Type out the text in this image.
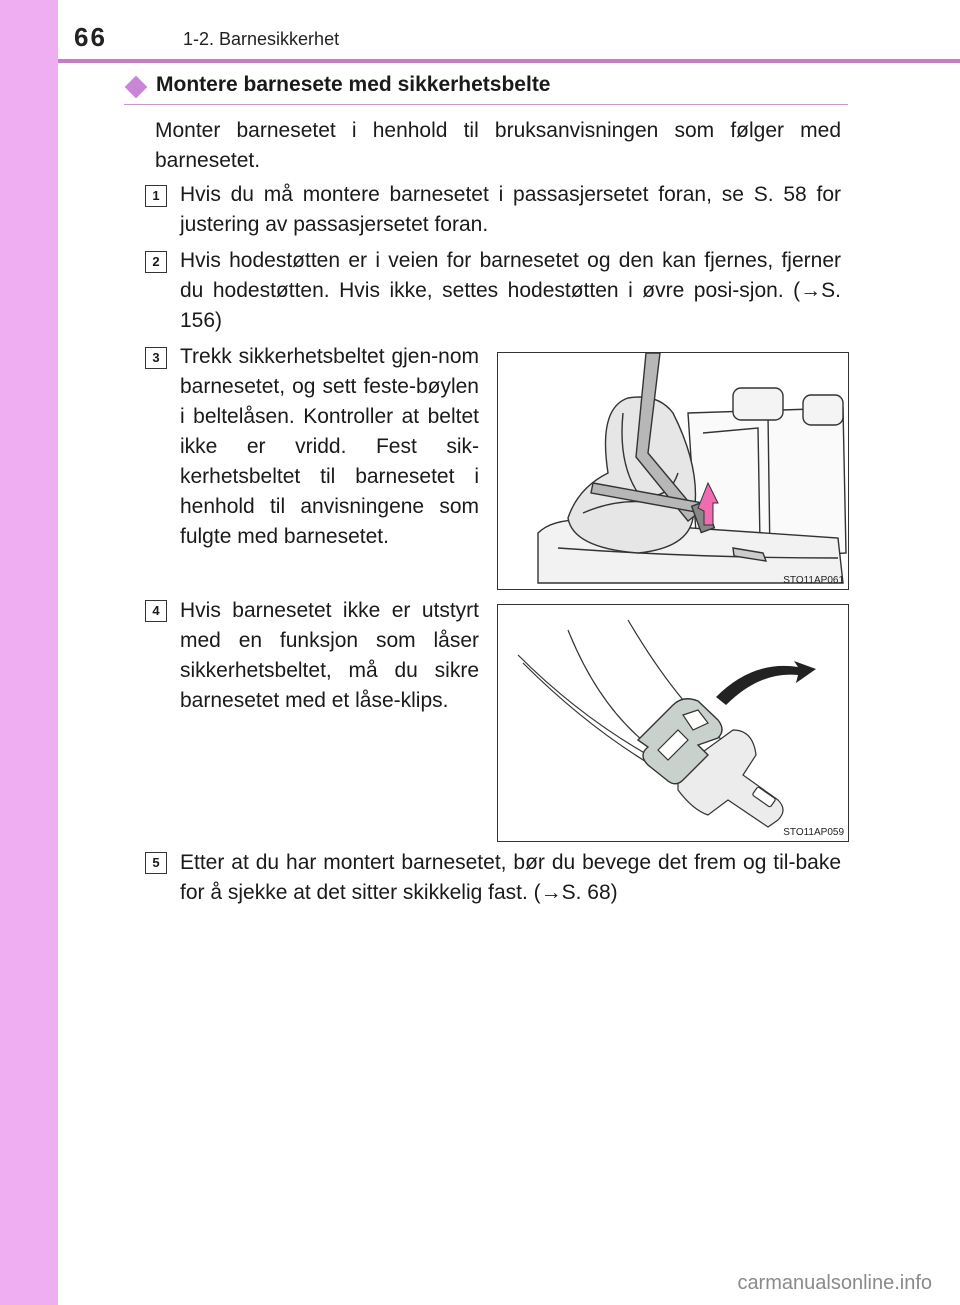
66	1-2. Barnesikkerhet
Montere barnesete med sikkerhetsbelte
Monter barnesetet i henhold til bruksanvisningen som følger med barnesetet.
1 Hvis du må montere barnesetet i passasjersetet foran, se S. 58 for justering av passasjersetet foran.
2 Hvis hodestøtten er i veien for barnesetet og den kan fjernes, fjerner du hodestøtten. Hvis ikke, settes hodestøtten i øvre posi-sjon. (→S. 156)
3 Trekk sikkerhetsbeltet gjen-nom barnesetet, og sett feste-bøylen i beltelåsen. Kontroller at beltet ikke er vridd. Fest sik-kerhetsbeltet til barnesetet i henhold til anvisningene som fulgte med barnesetet.
STO11AP061
4 Hvis barnesetet ikke er utstyrt med en funksjon som låser sikkerhetsbeltet, må du sikre barnesetet med et låse-klips.
STO11AP059
5 Etter at du har montert barnesetet, bør du bevege det frem og til-bake for å sjekke at det sitter skikkelig fast. (→S. 68)
carmanualsonline.info
